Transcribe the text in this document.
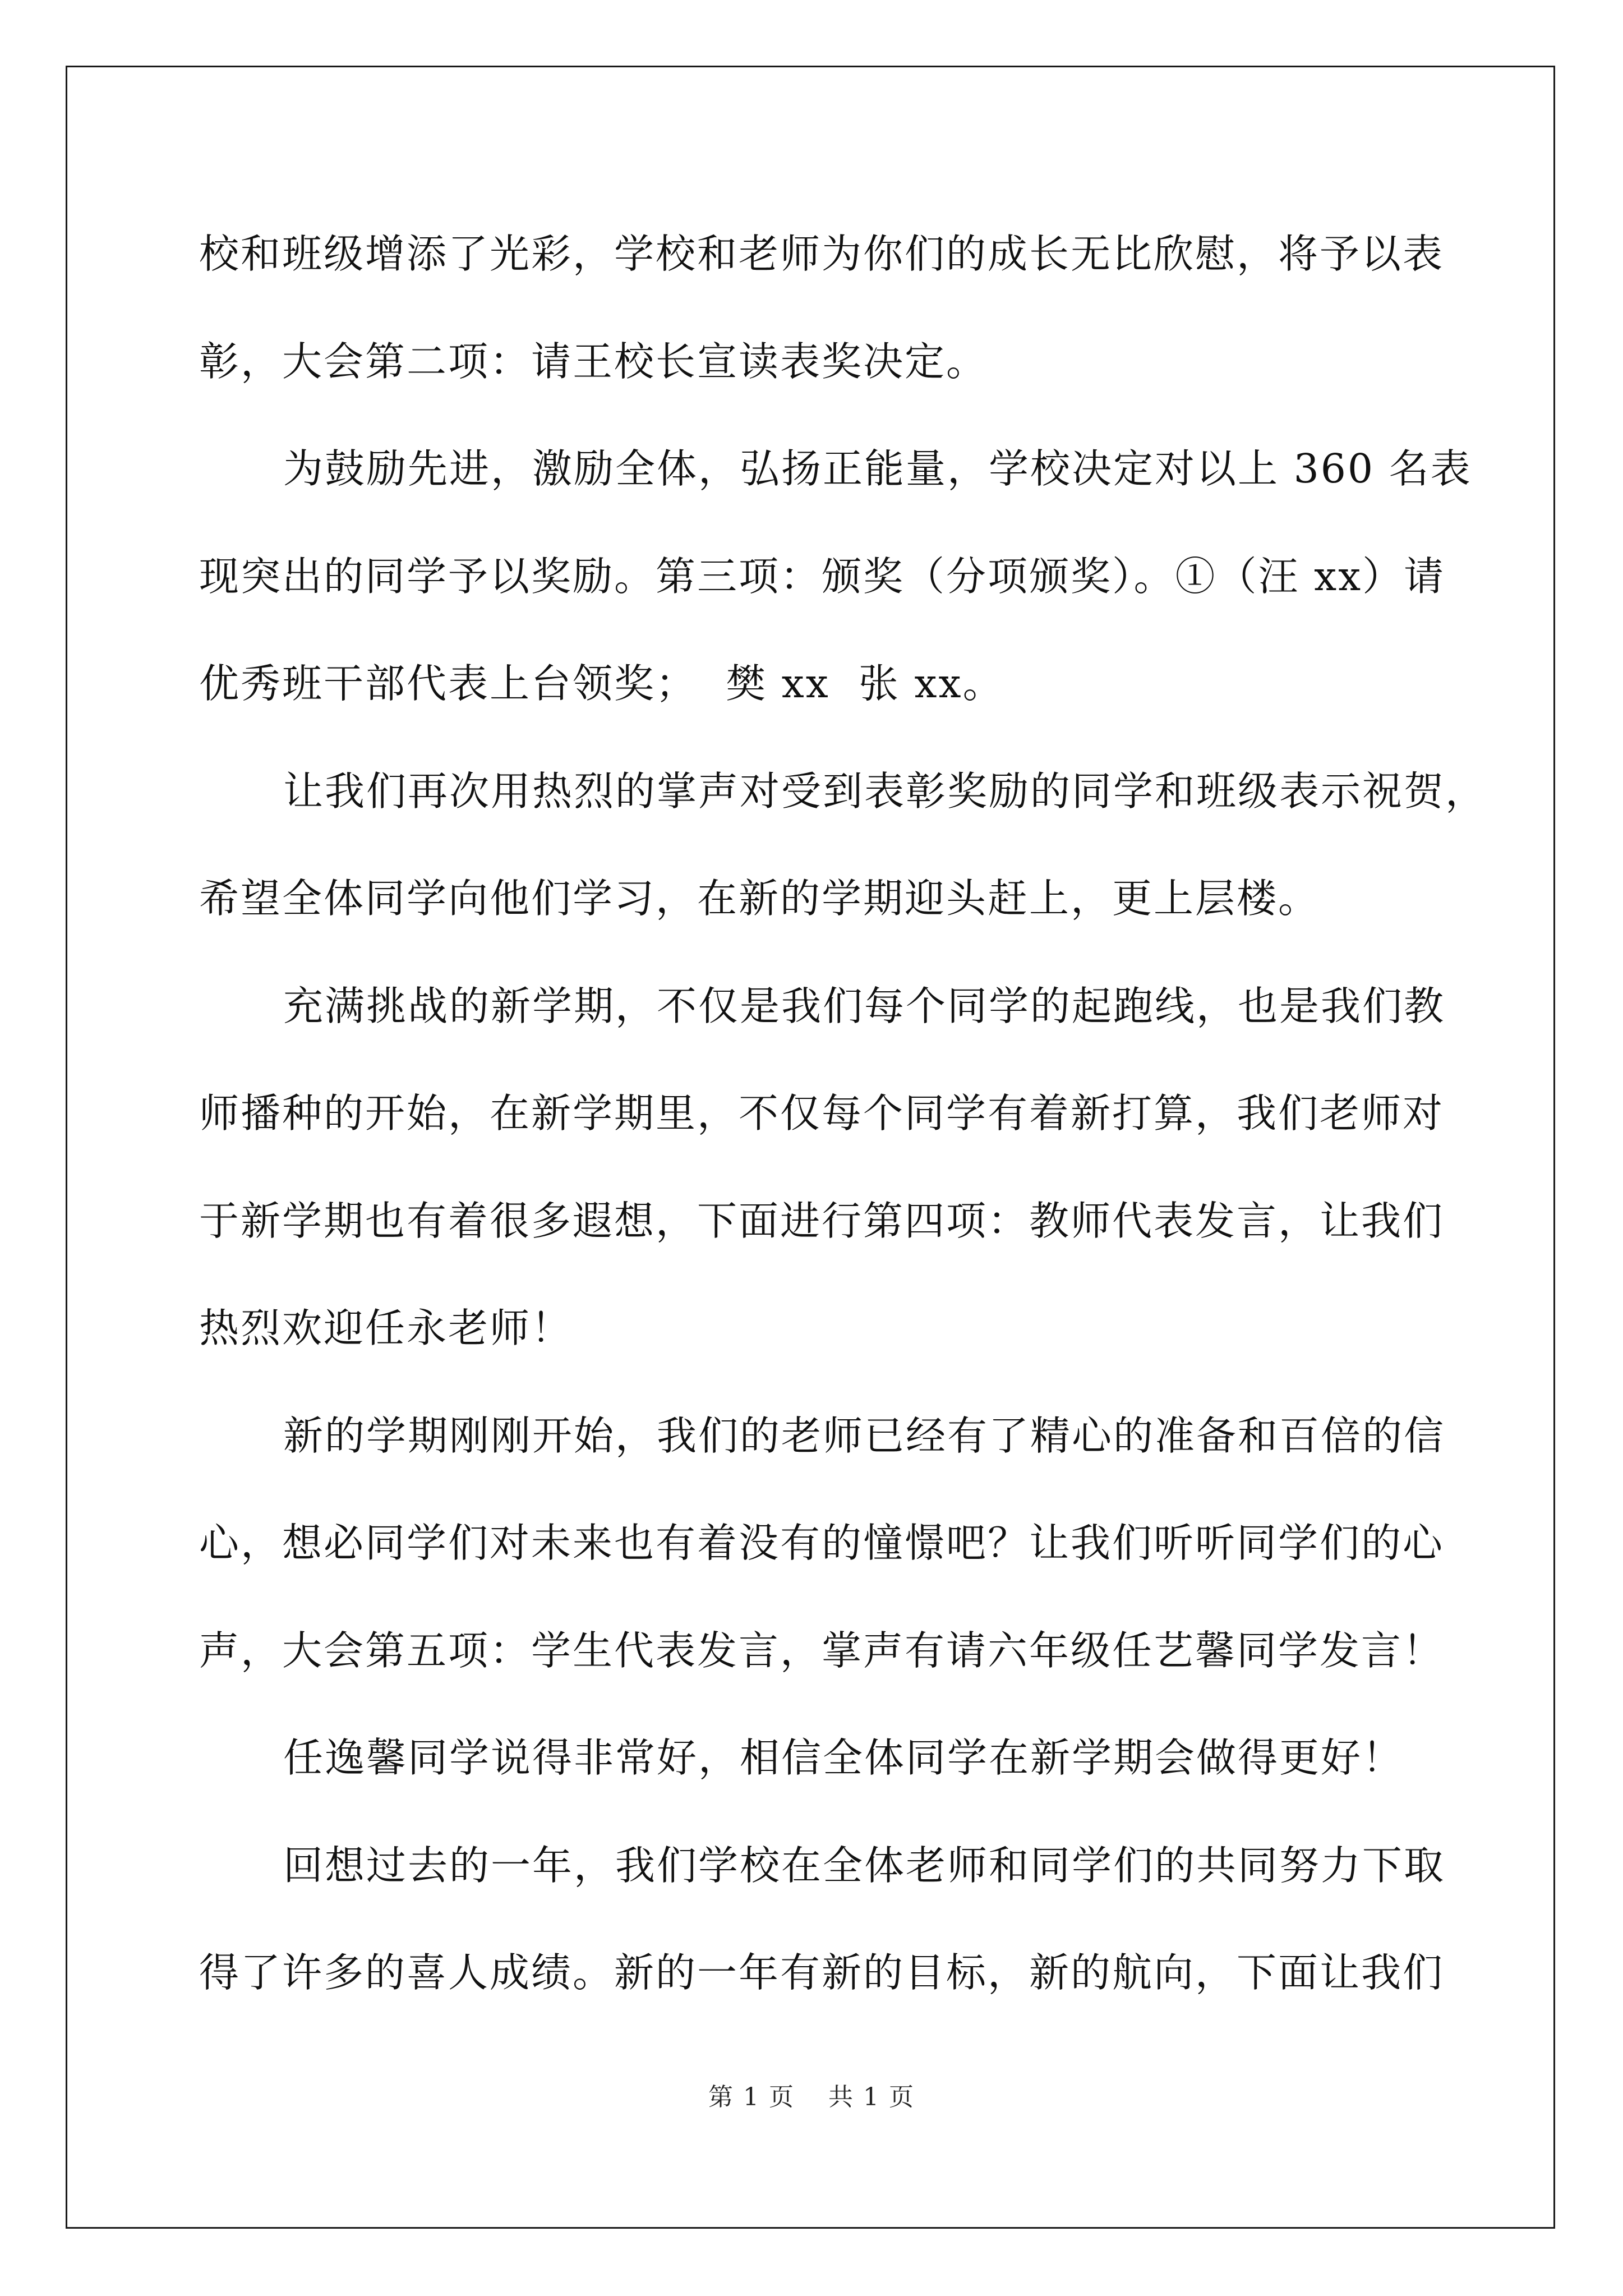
校和班级增添了光彩，学校和老师为你们的成长无比欣慰，将予以表

彰，大会第二项：请王校长宣读表奖决定。

为鼓励先进，激励全体，弘扬正能量，学校决定对以上 360 名表

现突出的同学予以奖励。第三项：颁奖（分项颁奖）。①（汪 xx）请

优秀班干部代表上台领奖；  樊 xx  张 xx。

让我们再次用热烈的掌声对受到表彰奖励的同学和班级表示祝贺，

希望全体同学向他们学习，在新的学期迎头赶上，更上层楼。

充满挑战的新学期，不仅是我们每个同学的起跑线，也是我们教

师播种的开始，在新学期里，不仅每个同学有着新打算，我们老师对

于新学期也有着很多遐想，下面进行第四项：教师代表发言，让我们

热烈欢迎任永老师！

新的学期刚刚开始，我们的老师已经有了精心的准备和百倍的信

心，想必同学们对未来也有着没有的憧憬吧？让我们听听同学们的心

声，大会第五项：学生代表发言，掌声有请六年级任艺馨同学发言！

任逸馨同学说得非常好，相信全体同学在新学期会做得更好！

回想过去的一年，我们学校在全体老师和同学们的共同努力下取

得了许多的喜人成绩。新的一年有新的目标，新的航向，下面让我们

第 1 页 共 1 页
